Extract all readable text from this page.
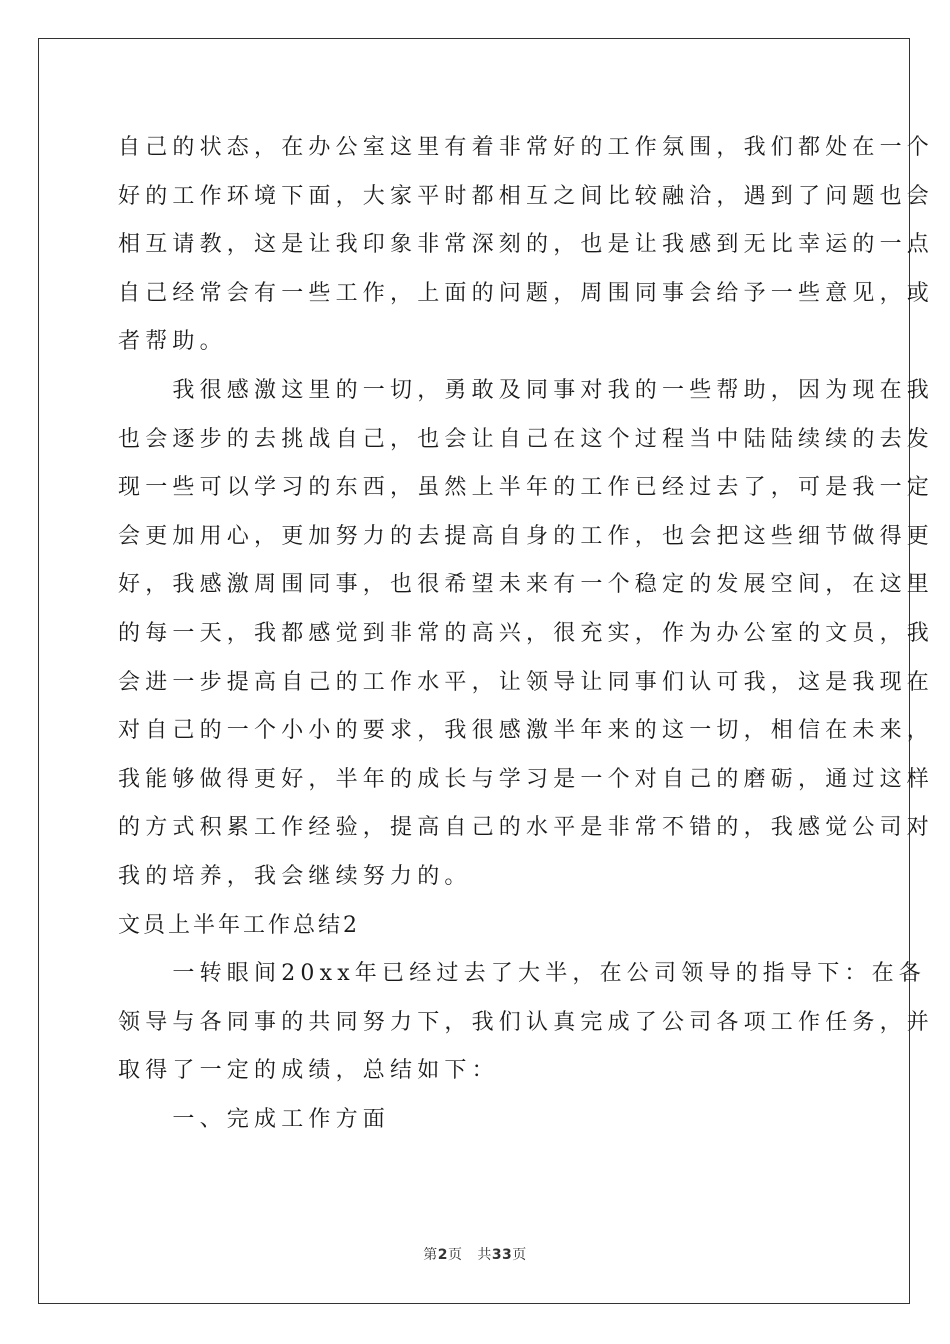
自己的状态，在办公室这里有着非常好的工作氛围，我们都处在一个
好的工作环境下面，大家平时都相互之间比较融洽，遇到了问题也会
相互请教，这是让我印象非常深刻的，也是让我感到无比幸运的一点
自己经常会有一些工作，上面的问题，周围同事会给予一些意见，或
者帮助。
　　我很感激这里的一切，勇敢及同事对我的一些帮助，因为现在我
也会逐步的去挑战自己，也会让自己在这个过程当中陆陆续续的去发
现一些可以学习的东西，虽然上半年的工作已经过去了，可是我一定
会更加用心，更加努力的去提高自身的工作，也会把这些细节做得更
好，我感激周围同事，也很希望未来有一个稳定的发展空间，在这里
的每一天，我都感觉到非常的高兴，很充实，作为办公室的文员，我
会进一步提高自己的工作水平，让领导让同事们认可我，这是我现在
对自己的一个小小的要求，我很感激半年来的这一切，相信在未来，
我能够做得更好，半年的成长与学习是一个对自己的磨砺，通过这样
的方式积累工作经验，提高自己的水平是非常不错的，我感觉公司对
我的培养，我会继续努力的。
文员上半年工作总结2
　　一转眼间20xx年已经过去了大半，在公司领导的指导下：在各
领导与各同事的共同努力下，我们认真完成了公司各项工作任务，并
取得了一定的成绩，总结如下：
　　一、完成工作方面
第2页 共33页
